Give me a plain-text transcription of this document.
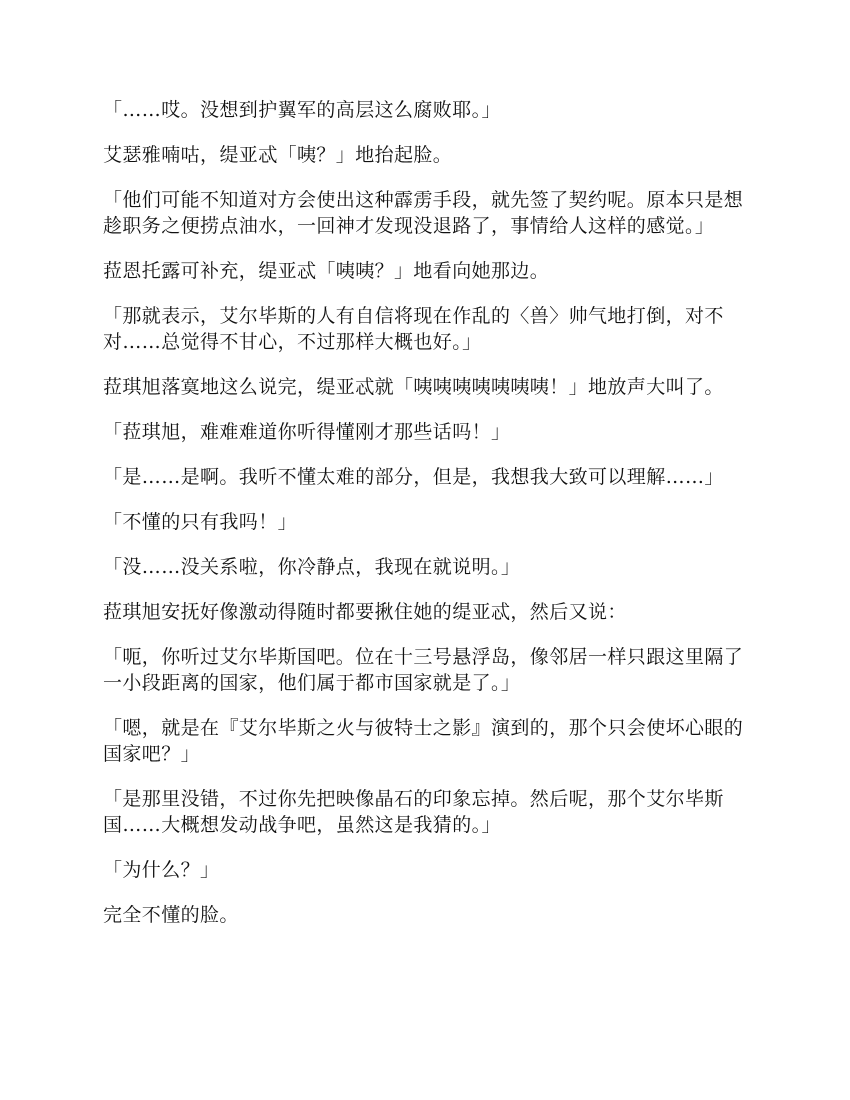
「……哎。没想到护翼军的高层这么腐败耶。」

艾瑟雅喃咕，缇亚忒「咦？」地抬起脸。

「他们可能不知道对方会使出这种霹雳手段，就先签了契约呢。原本只是想趁职务之便捞点油水，一回神才发现没退路了，事情给人这样的感觉。」

菈恩托露可补充，缇亚忒「咦咦？」地看向她那边。

「那就表示，艾尔毕斯的人有自信将现在作乱的〈兽〉帅气地打倒，对不对……总觉得不甘心，不过那样大概也好。」

菈琪旭落寞地这么说完，缇亚忒就「咦咦咦咦咦咦咦！」地放声大叫了。

「菈琪旭，难难难道你听得懂刚才那些话吗！」

「是……是啊。我听不懂太难的部分，但是，我想我大致可以理解……」

「不懂的只有我吗！」

「没……没关系啦，你冷静点，我现在就说明。」

菈琪旭安抚好像激动得随时都要揪住她的缇亚忒，然后又说：

「呃，你听过艾尔毕斯国吧。位在十三号悬浮岛，像邻居一样只跟这里隔了一小段距离的国家，他们属于都市国家就是了。」

「嗯，就是在『艾尔毕斯之火与彼特士之影』演到的，那个只会使坏心眼的国家吧？」

「是那里没错，不过你先把映像晶石的印象忘掉。然后呢，那个艾尔毕斯国……大概想发动战争吧，虽然这是我猜的。」

「为什么？」

完全不懂的脸。
